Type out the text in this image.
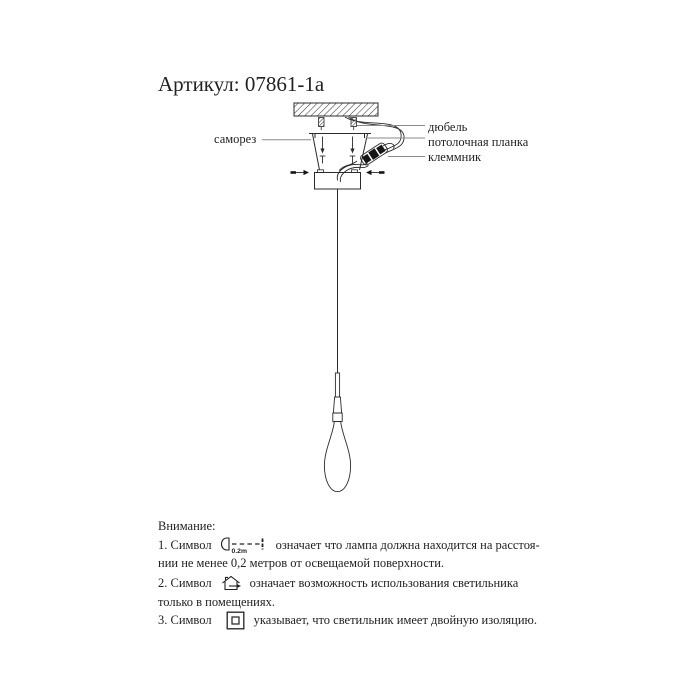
Артикул: 07861-1a
саморез
дюбель
потолочная планка
клеммник
Внимание:
1. Символ	0.2m означает что лампа должна находится на расстоя-
нии не менее 0,2 метров от освещаемой поверхности.
2. Символ	означает возможность использования светильника
только в помещениях.
3. Символ	указывает, что светильник имеет двойную изоляцию.
